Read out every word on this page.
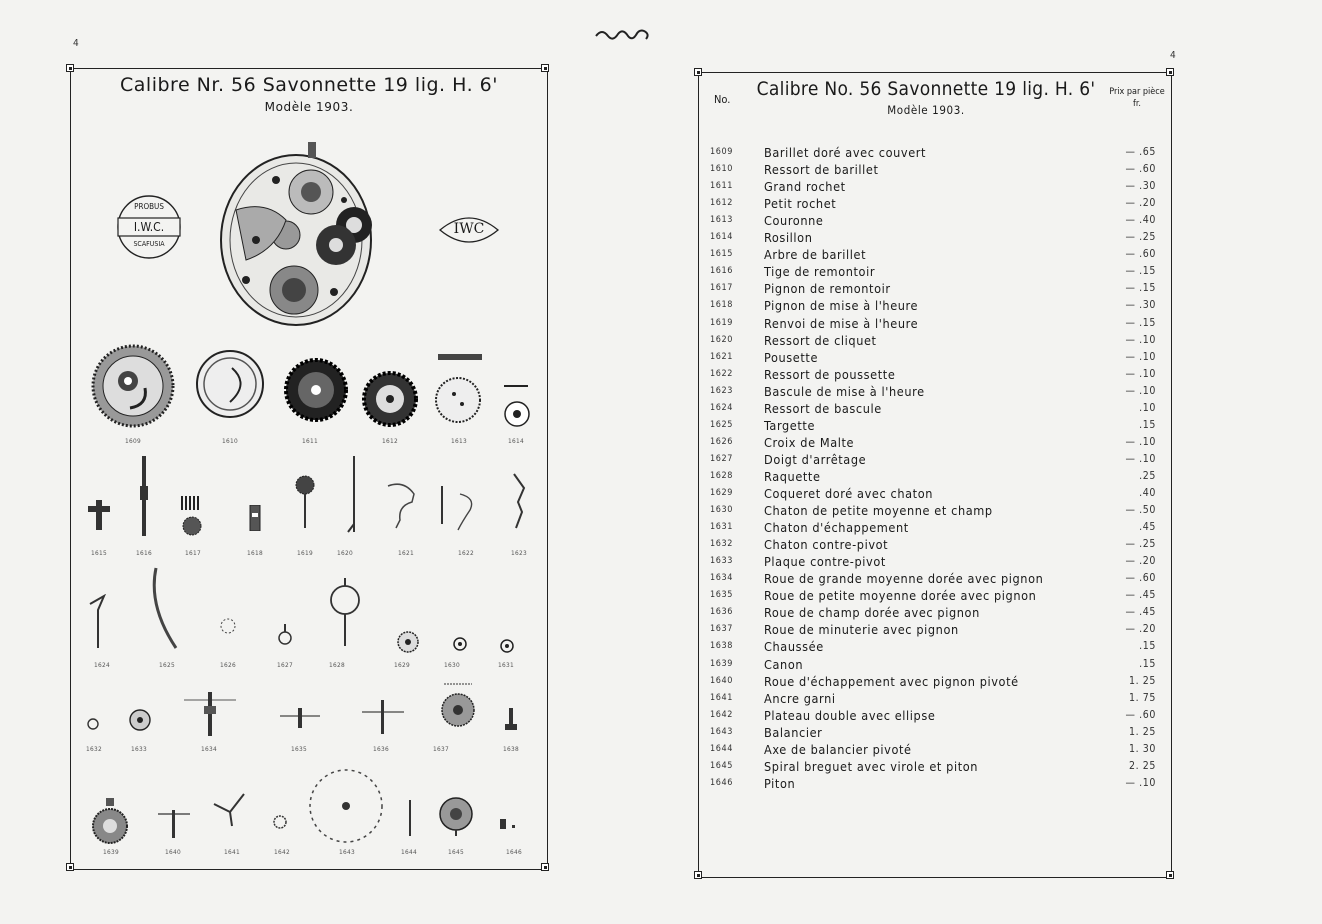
4
Calibre Nr. 56 Savonnette 19 lig. H. 6'
Modèle 1903.
PROBUS
I.W.C.
SCAFUSIA
IWC
1609	1610	1611	1612	1613	1614
1615	1616	1617	1618	1619	1620	1621	1622	1623
1624	1625	1626	1627	1628	1629	1630	1631
1632	1633	1634	1635	1636	1637	1638
1639	1640	1641	1642	1643	1644	1645	1646
4
No.	Calibre No. 56 Savonnette 19 lig. H. 6'
Modèle 1903.
Prix par pièce
fr.
1609	Barillet doré avec couvert	— .65
1610	Ressort de barillet	— .60
1611	Grand rochet	— .30
1612	Petit rochet	— .20
1613	Couronne	— .40
1614	Rosillon	— .25
1615	Arbre de barillet	— .60
1616	Tige de remontoir	— .15
1617	Pignon de remontoir	— .15
1618	Pignon de mise à l'heure	— .30
1619	Renvoi de mise à l'heure	— .15
1620	Ressort de cliquet	— .10
1621	Pousette	— .10
1622	Ressort de poussette	— .10
1623	Bascule de mise à l'heure	— .10
1624	Ressort de bascule	.10
1625	Targette	.15
1626	Croix de Malte	— .10
1627	Doigt d'arrêtage	— .10
1628	Raquette	.25
1629	Coqueret doré avec chaton	.40
1630	Chaton de petite moyenne et champ	— .50
1631	Chaton d'échappement	.45
1632	Chaton contre-pivot	— .25
1633	Plaque contre-pivot	— .20
1634	Roue de grande moyenne dorée avec pignon	— .60
1635	Roue de petite moyenne dorée avec pignon	— .45
1636	Roue de champ dorée avec pignon	— .45
1637	Roue de minuterie avec pignon	— .20
1638	Chaussée	.15
1639	Canon	.15
1640	Roue d'échappement avec pignon pivoté	1. 25
1641	Ancre garni	1. 75
1642	Plateau double avec ellipse	— .60
1643	Balancier	1. 25
1644	Axe de balancier pivoté	1. 30
1645	Spiral breguet avec virole et piton	2. 25
1646	Piton	— .10
